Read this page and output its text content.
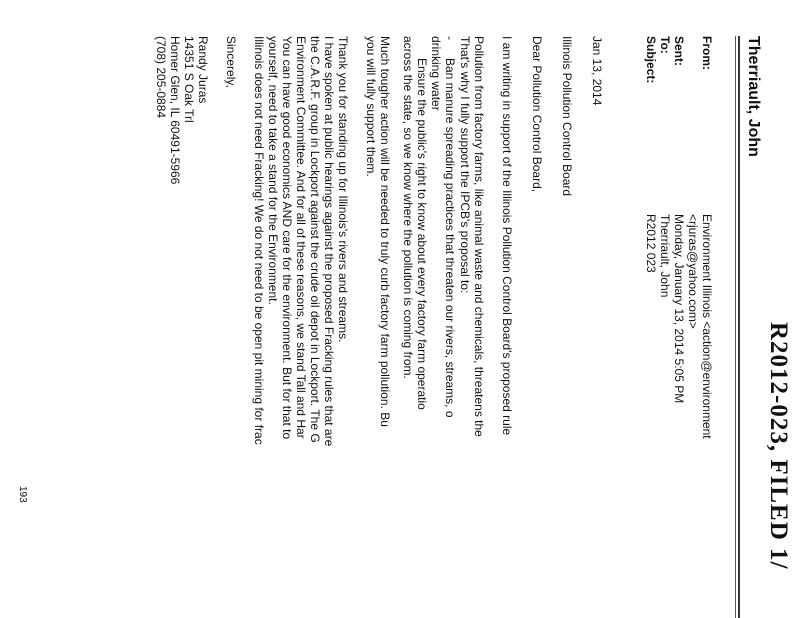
R2012-023, FILED 1/
Therriault, John
From:
Environment Illinois <action@environment
<rjuras@yahoo.com>
Sent:
Monday, January 13, 2014 5:05 PM
To:
Therriault, John
Subject:
R2012 023
Jan 13, 2014
Illinois Pollution Control Board
Dear Pollution Control Board,
I am writing in support of the Illinois Pollution Control Board's proposed rule
Pollution from factory farms, like animal waste and chemicals, threatens the
That's why I fully support the IPCB's proposal to:
-
Ban manure spreading practices that threaten our rivers, streams, o
drinking water
Ensure the public's right to know about every factory farm operatio
across the state, so we know where the pollution is coming from.
Much tougher action will be needed to truly curb factory farm pollution. Bu
you will fully support them.
Thank you for standing up for Illinois's rivers and streams.
I have spoken at public hearings against the proposed Fracking rules that are
the C.A.R.F. group in Lockport against the crude oil depot in Lockport. The G
Environment Committee. And for all of these reasons, we stand Tall and Har
You can have good economics AND care for the environment. But for that to
yourself, need to take a stand for the Environment.
Illinois does not need Fracking! We do not need to be open pit mining for frac
Sincerely,
Randy Juras
14351 S Oak Trl
Homer Glen, IL 60491-5966
(708) 205-0884
193
